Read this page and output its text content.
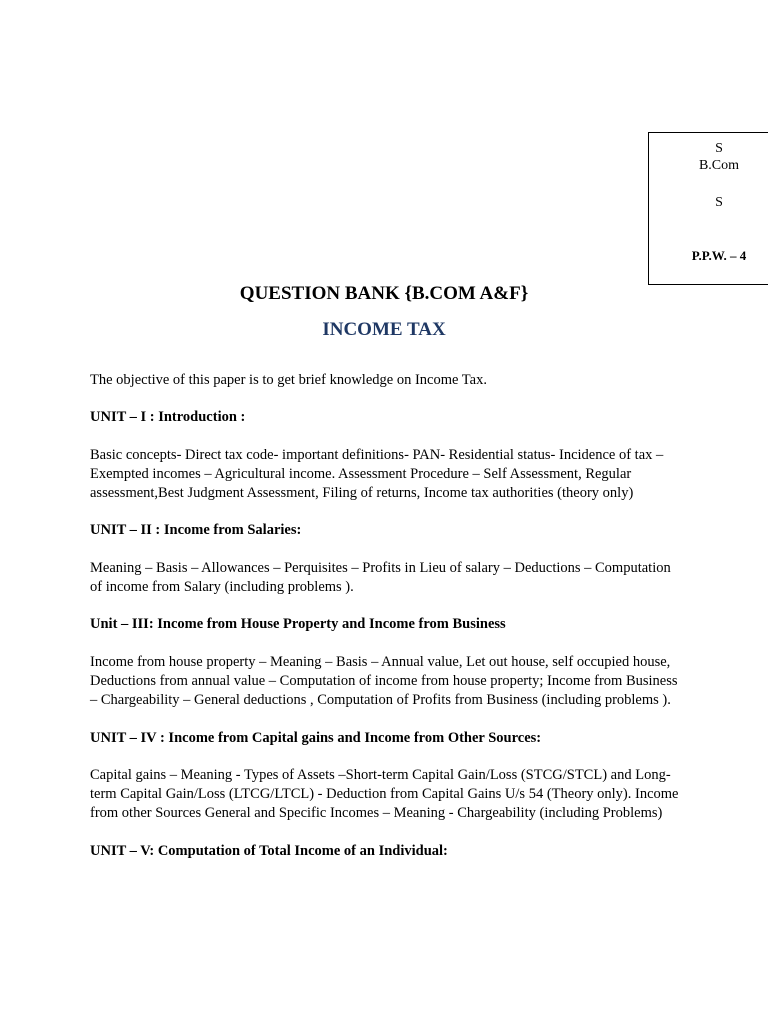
S
B.Com
S
P.P.W. – 4
QUESTION BANK {B.COM A&F}
INCOME TAX

The objective of this paper is to get brief knowledge on Income Tax.

UNIT – I : Introduction :

Basic concepts- Direct tax code- important definitions- PAN- Residential status- Incidence of tax –Exempted incomes – Agricultural income. Assessment Procedure – Self Assessment, Regular assessment,Best Judgment Assessment, Filing of returns, Income tax authorities (theory only)

UNIT – II : Income from Salaries:

Meaning – Basis – Allowances – Perquisites – Profits in Lieu of salary – Deductions – Computation of income from Salary (including problems ).

Unit – III: Income from House Property and Income from Business

Income from house property – Meaning – Basis – Annual value, Let out house, self occupied house, Deductions from annual value – Computation of income from house property; Income from Business – Chargeability – General deductions , Computation of Profits from Business (including problems ).

UNIT – IV : Income from Capital gains and Income from Other Sources:

Capital gains – Meaning - Types of Assets –Short-term Capital Gain/Loss (STCG/STCL) and Long-term Capital Gain/Loss (LTCG/LTCL) - Deduction from Capital Gains U/s 54 (Theory only). Income from other Sources General and Specific Incomes – Meaning - Chargeability (including Problems)

UNIT – V: Computation of Total Income of an Individual:
